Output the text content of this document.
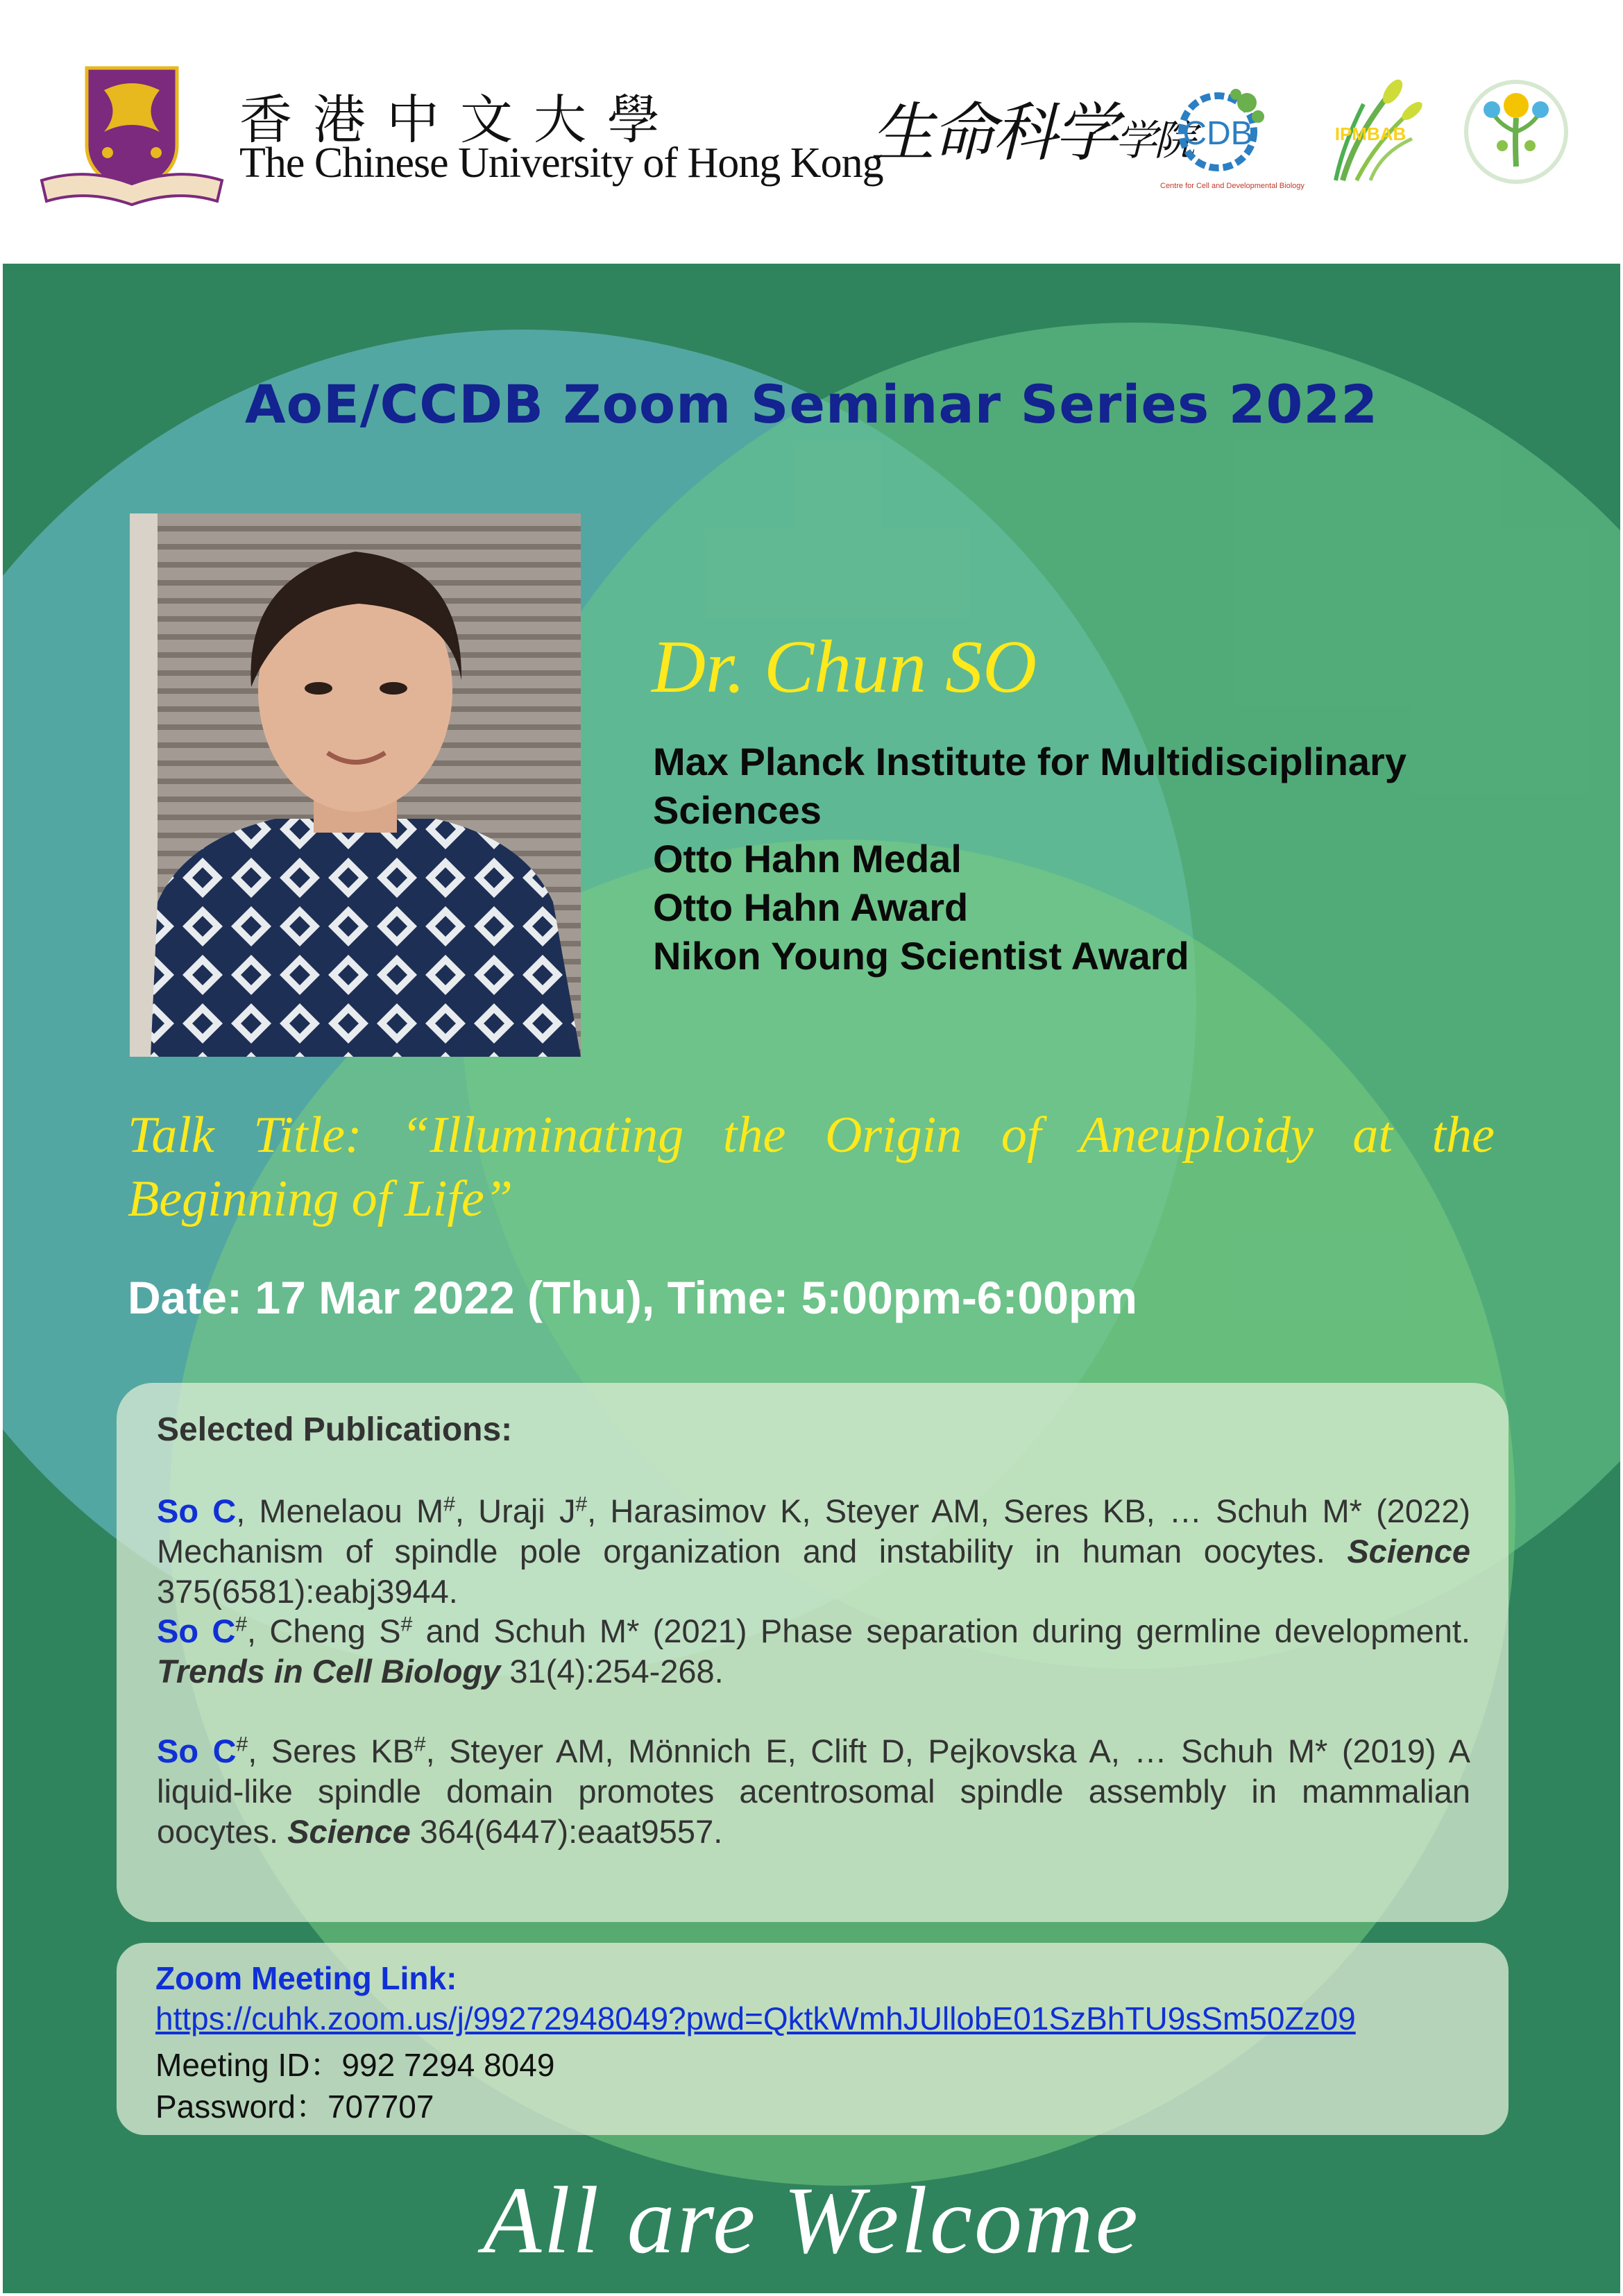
香港中文大學
The Chinese University of Hong Kong
生命科学学院
CDB
Centre for Cell and Developmental Biology
IPMBAB
AoE/CCDB Zoom Seminar Series 2022
Dr. Chun SO
Max Planck Institute for Multidisciplinary
Sciences
Otto Hahn Medal
Otto Hahn Award
Nikon Young Scientist Award
Talk Title: “Illuminating the Origin of Aneuploidy at the Beginning of Life”
Date: 17 Mar 2022 (Thu), Time: 5:00pm-6:00pm
Selected Publications:
So C, Menelaou M#, Uraji J#, Harasimov K, Steyer AM, Seres KB, … Schuh M* (2022) Mechanism of spindle pole organization and instability in human oocytes. Science 375(6581):eabj3944.
So C#, Cheng S# and Schuh M* (2021) Phase separation during germline development. Trends in Cell Biology 31(4):254-268.
So C#, Seres KB#, Steyer AM, Mönnich E, Clift D, Pejkovska A, … Schuh M* (2019) A liquid-like spindle domain promotes acentrosomal spindle assembly in mammalian oocytes. Science 364(6447):eaat9557.
Zoom Meeting Link:
https://cuhk.zoom.us/j/99272948049?pwd=QktkWmhJUllobE01SzBhTU9sSm50Zz09
Meeting ID：992 7294 8049
Password：707707
All are Welcome
